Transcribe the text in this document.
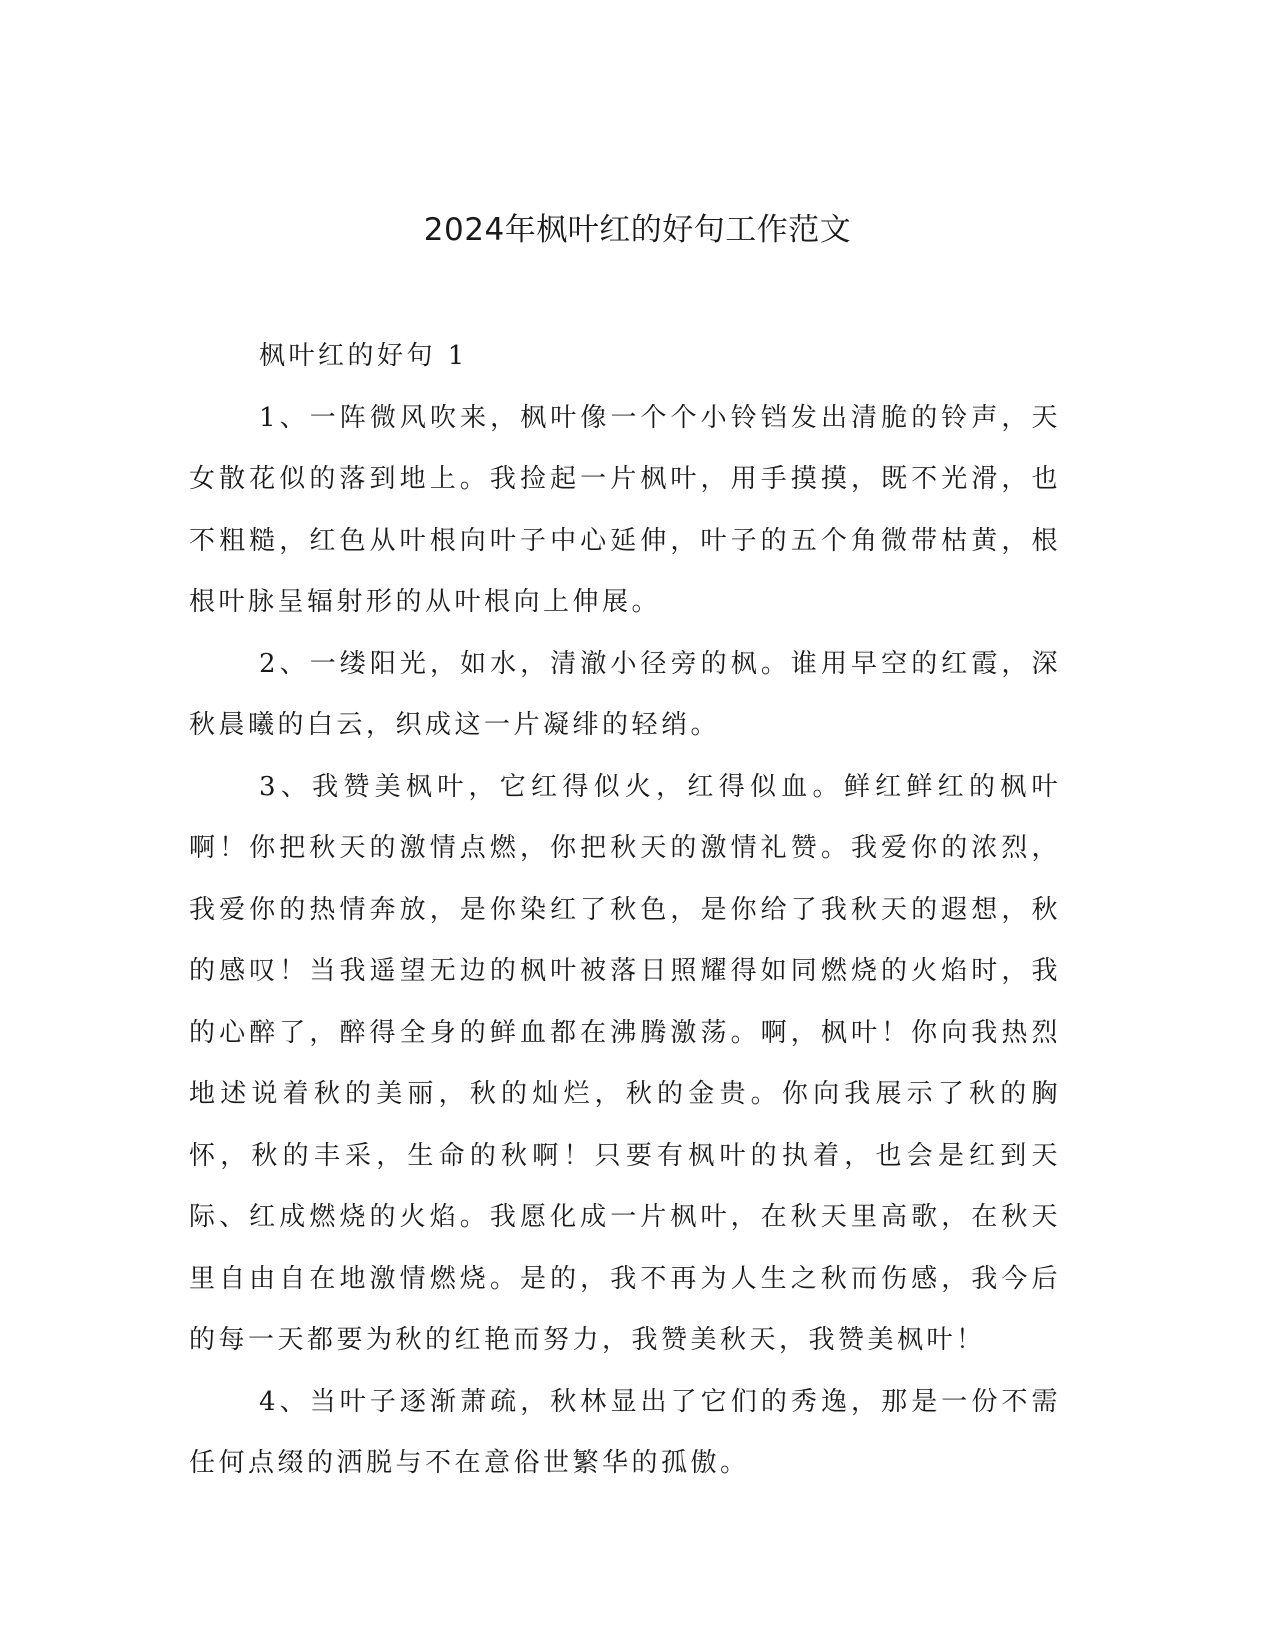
2024年枫叶红的好句工作范文

枫叶红的好句 1

1、一阵微风吹来，枫叶像一个个小铃铛发出清脆的铃声，天女散花似的落到地上。我捡起一片枫叶，用手摸摸，既不光滑，也不粗糙，红色从叶根向叶子中心延伸，叶子的五个角微带枯黄，根根叶脉呈辐射形的从叶根向上伸展。

2、一缕阳光，如水，清澈小径旁的枫。谁用早空的红霞，深秋晨曦的白云，织成这一片凝绯的轻绡。

3、我赞美枫叶，它红得似火，红得似血。鲜红鲜红的枫叶啊！你把秋天的激情点燃，你把秋天的激情礼赞。我爱你的浓烈，我爱你的热情奔放，是你染红了秋色，是你给了我秋天的遐想，秋的感叹！当我遥望无边的枫叶被落日照耀得如同燃烧的火焰时，我的心醉了，醉得全身的鲜血都在沸腾激荡。啊，枫叶！你向我热烈地述说着秋的美丽，秋的灿烂，秋的金贵。你向我展示了秋的胸怀，秋的丰采，生命的秋啊！只要有枫叶的执着，也会是红到天际、红成燃烧的火焰。我愿化成一片枫叶，在秋天里高歌，在秋天里自由自在地激情燃烧。是的，我不再为人生之秋而伤感，我今后的每一天都要为秋的红艳而努力，我赞美秋天，我赞美枫叶！

4、当叶子逐渐萧疏，秋林显出了它们的秀逸，那是一份不需任何点缀的洒脱与不在意俗世繁华的孤傲。
